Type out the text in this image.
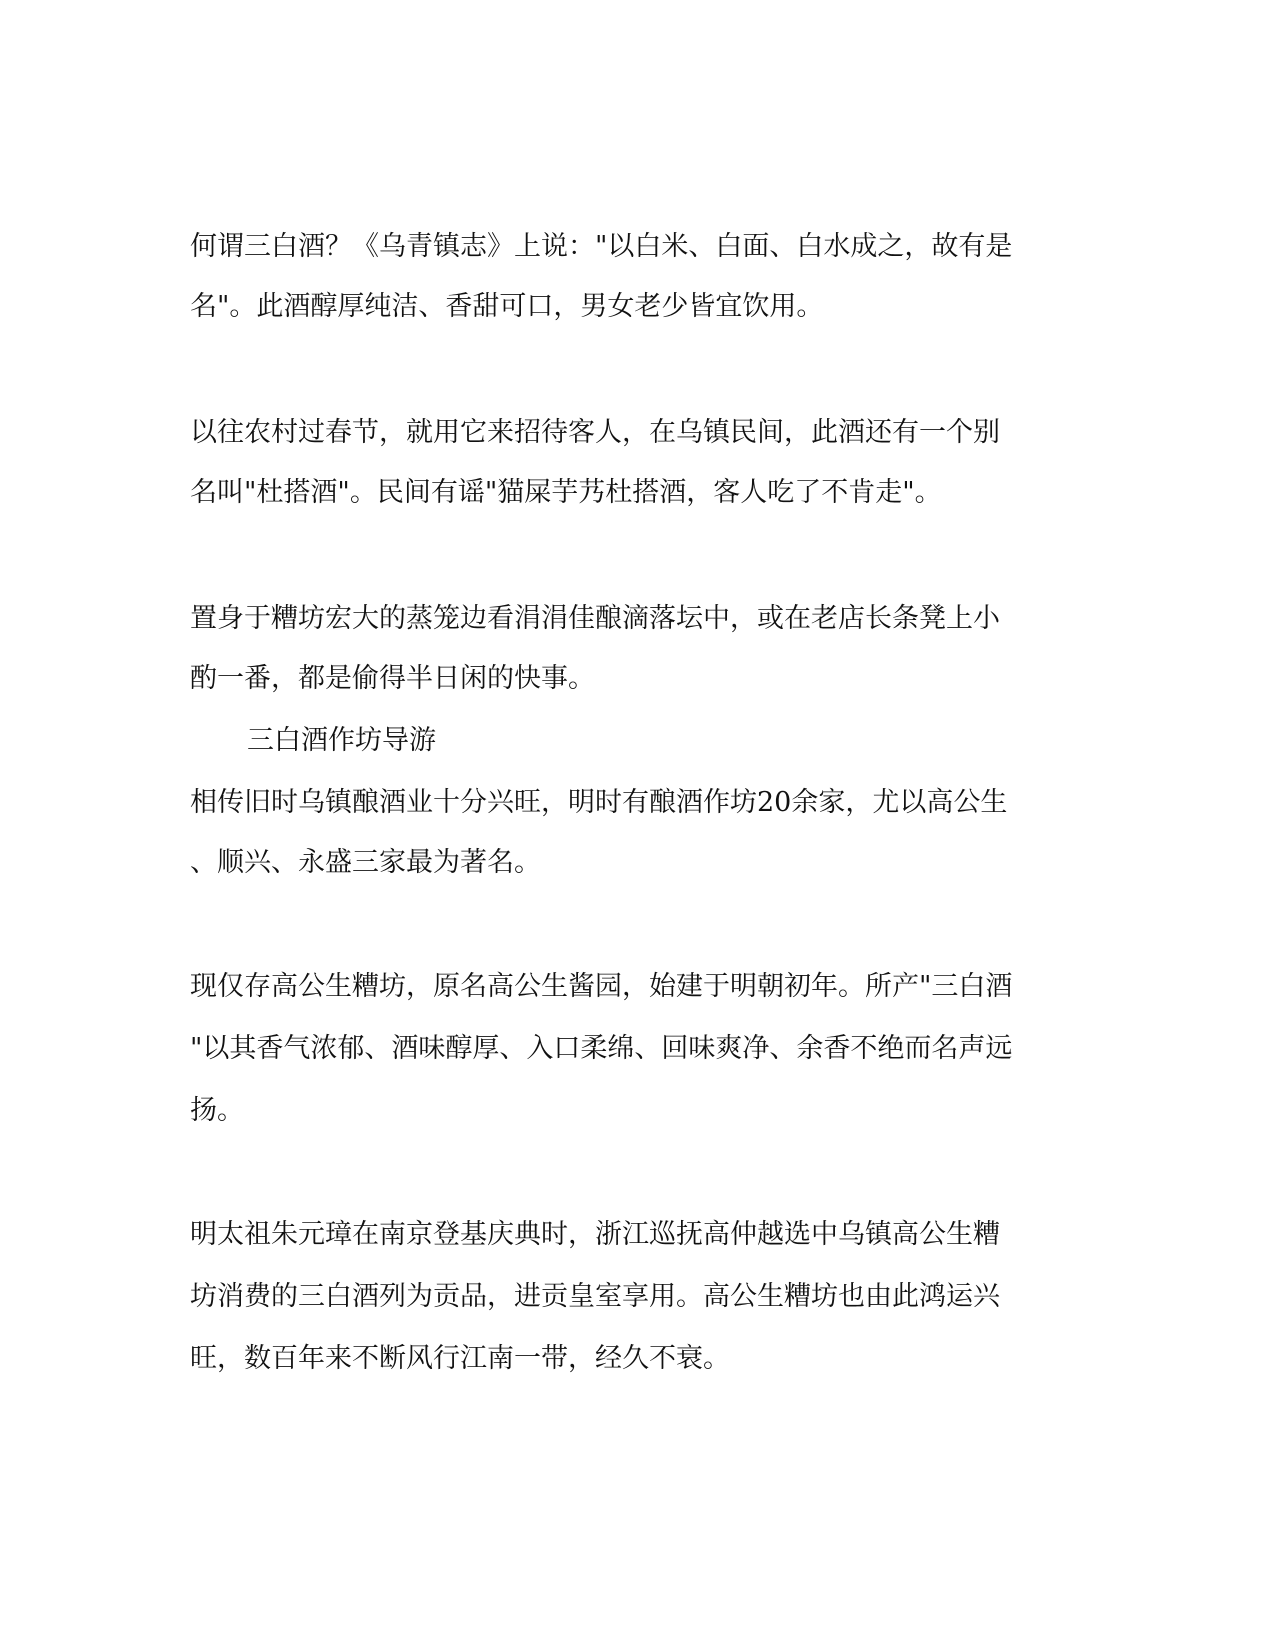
何谓三白酒？《乌青镇志》上说："以白米、白面、白水成之，故有是
名"。此酒醇厚纯洁、香甜可口，男女老少皆宜饮用。
以往农村过春节，就用它来招待客人，在乌镇民间，此酒还有一个别
名叫"杜搭酒"。民间有谣"猫屎芋艿杜搭酒，客人吃了不肯走"。
置身于糟坊宏大的蒸笼边看涓涓佳酿滴落坛中，或在老店长条凳上小
酌一番，都是偷得半日闲的快事。
三白酒作坊导游
相传旧时乌镇酿酒业十分兴旺，明时有酿酒作坊20余家，尤以高公生
、顺兴、永盛三家最为著名。
现仅存高公生糟坊，原名高公生酱园，始建于明朝初年。所产"三白酒
"以其香气浓郁、酒味醇厚、入口柔绵、回味爽净、余香不绝而名声远
扬。
明太祖朱元璋在南京登基庆典时，浙江巡抚高仲越选中乌镇高公生糟
坊消费的三白酒列为贡品，进贡皇室享用。高公生糟坊也由此鸿运兴
旺，数百年来不断风行江南一带，经久不衰。
